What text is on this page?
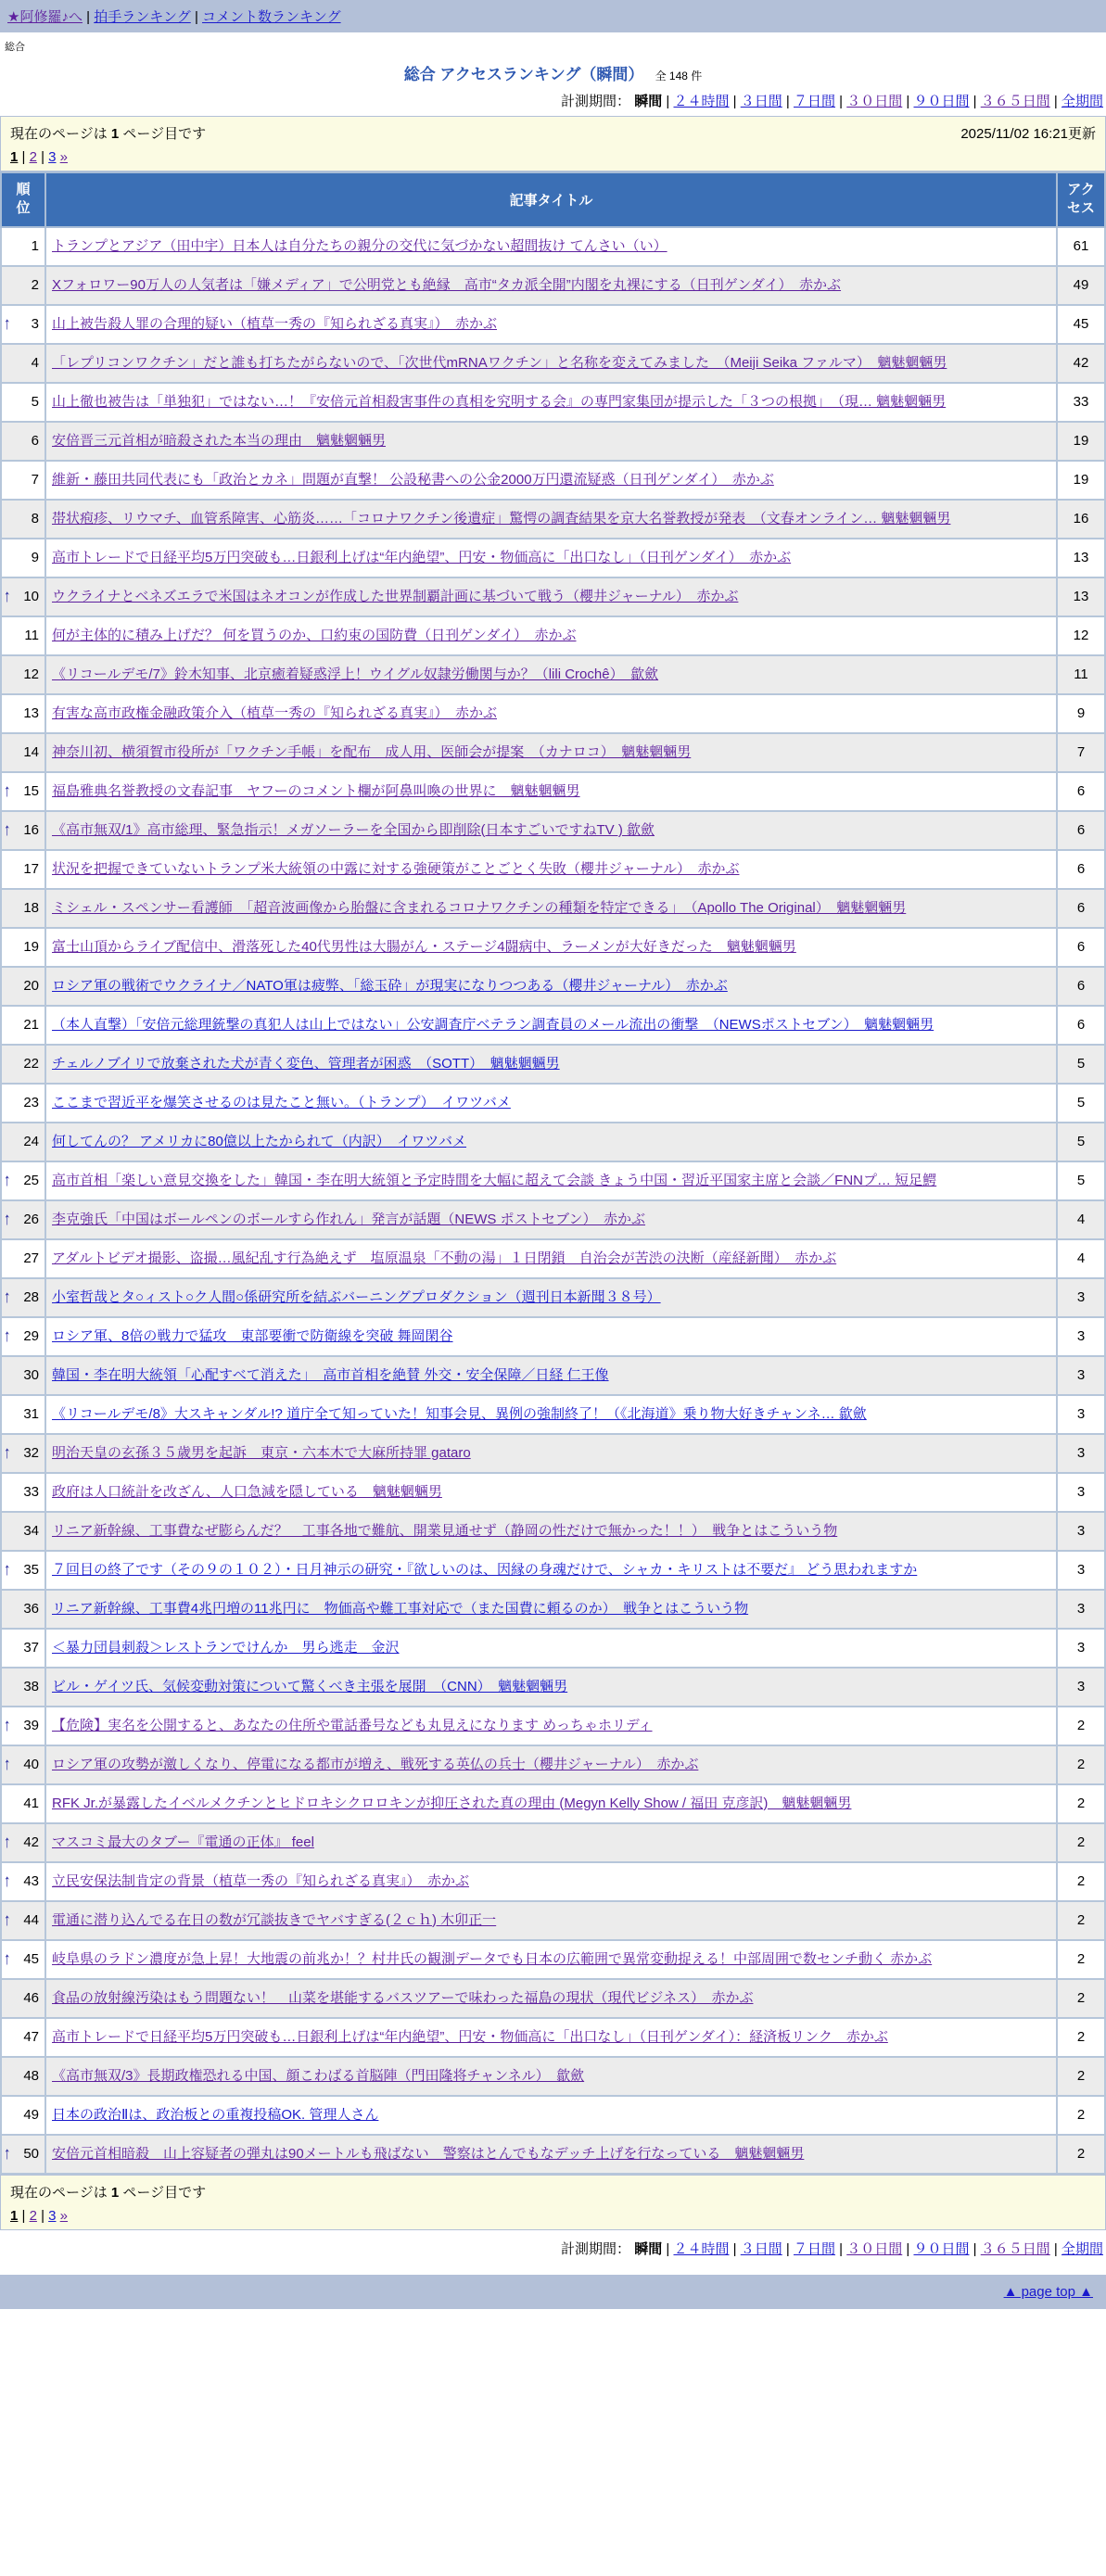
★阿修羅♪へ | 拍手ランキング | コメント数ランキング
総合
総合 アクセスランキング（瞬間） 全 148 件
計測期間： 瞬間 | ２４時間 | ３日間 | ７日間 | ３０日間 | ９０日間 | ３６５日間 | 全期間
2025/11/02 16:21更新
現在のページは 1 ページ目です
1 | 2 | 3 »
順位	記事タイトル	アクセス
1	トランプとアジア（田中宇）日本人は自分たちの親分の交代に気づかない超間抜け てんさい（い）	61
2	Xフォロワー90万人の人気者は「嫌メディア」で公明党とも絶縁　高市“タカ派全開”内閣を丸裸にする（日刊ゲンダイ）　赤かぶ	49

↑ 3	山上被告殺人罪の合理的疑い（植草一秀の『知られざる真実』）　赤かぶ	45
4	「レプリコンワクチン」だと誰も打ちたがらないので、「次世代mRNAワクチン」と名称を変えてみました　（Meiji Seika ファルマ）　魑魅魍魎男	42
5	山上徹也被告は「単独犯」ではない…！『安倍元首相殺害事件の真相を究明する会』の専門家集団が提示した「３つの根拠」　（現… 魑魅魍魎男	33
6	安倍晋三元首相が暗殺された本当の理由　魑魅魍魎男	19
7	維新・藤田共同代表にも「政治とカネ」問題が直撃！ 公設秘書への公金2000万円還流疑惑（日刊ゲンダイ）　赤かぶ	19
8	帯状疱疹、リウマチ、血管系障害、心筋炎……「コロナワクチン後遺症」驚愕の調査結果を京大名誉教授が発表　（文春オンライン… 魑魅魍魎男	16
9	高市トレードで日経平均5万円突破も…日銀利上げは“年内絶望”、円安・物価高に「出口なし」（日刊ゲンダイ）　赤かぶ	13

↑ 10	ウクライナとベネズエラで米国はネオコンが作成した世界制覇計画に基づいて戦う（櫻井ジャーナル）　赤かぶ	13
11	何が主体的に積み上げだ？ 何を買うのか、口約束の国防費（日刊ゲンダイ）　赤かぶ	12
12	《リコールデモ/7》鈴木知事、北京癒着疑惑浮上！ウイグル奴隷労働関与か？（lili Crochê）　歙歛	11
13	有害な高市政権金融政策介入（植草一秀の『知られざる真実』）　赤かぶ	9
14	神奈川初、横須賀市役所が「ワクチン手帳」を配布　成人用、医師会が提案　（カナロコ）　魑魅魍魎男	7

↑ 15	福島雅典名誉教授の文春記事　ヤフーのコメント欄が阿鼻叫喚の世界に　魑魅魍魎男	6

↑ 16	《高市無双/1》高市総理、緊急指示！メガソーラーを全国から即削除(日本すごいですねTV ) 歙歛	6
17	状況を把握できていないトランプ米大統領の中露に対する強硬策がことごとく失敗（櫻井ジャーナル）　赤かぶ	6
18	ミシェル・スペンサー看護師　「超音波画像から胎盤に含まれるコロナワクチンの種類を特定できる」　（Apollo The Original）　魑魅魍魎男	6
19	富士山頂からライブ配信中、滑落死した40代男性は大腸がん・ステージ4闘病中、ラーメンが大好きだった　魑魅魍魎男	6
20	ロシア軍の戦術でウクライナ／NATO軍は疲弊、「総玉砕」が現実になりつつある（櫻井ジャーナル）　赤かぶ	6
21	（本人直撃）「安倍元総理銃撃の真犯人は山上ではない」公安調査庁ベテラン調査員のメール流出の衝撃　（NEWSポストセブン）　魑魅魍魎男	6
22	チェルノブイリで放棄された犬が青く変色、管理者が困惑　（SOTT）　魑魅魍魎男	5
23	ここまで習近平を爆笑させるのは見たこと無い。（トランプ）　イワツバメ	5
24	何してんの？ アメリカに80億以上たかられて（内訳）　イワツバメ	5

↑ 25	高市首相「楽しい意見交換をした」韓国・李在明大統領と予定時間を大幅に超えて会談 きょう中国・習近平国家主席と会談／FNNプ… 短足鰐	5

↑ 26	李克強氏「中国はボールペンのボールすら作れん」発言が話題（NEWS ポストセブン）　赤かぶ	4
27	アダルトビデオ撮影、盗撮…風紀乱す行為絶えず　塩原温泉「不動の湯」１日閉鎖　自治会が苦渋の決断（産経新聞）　赤かぶ	4

↑ 28	小室哲哉とタ○ィスト○ク人間○係研究所を結ぶバーニングプロダクション（週刊日本新聞３８号）	3

↑ 29	ロシア軍、8倍の戦力で猛攻　東部要衝で防衛線を突破 舞岡閑谷	3
30	韓国・李在明大統領「心配すべて消えた」　高市首相を絶賛 外交・安全保障／日経 仁王像	3
31	《リコールデモ/8》大スキャンダル!? 道庁全て知っていた！知事会見、異例の強制終了！（《北海道》乗り物大好きチャンネ… 歙歛	3

↑ 32	明治天皇の玄孫３５歳男を起訴　東京・六本木で大麻所持罪 gataro	3
33	政府は人口統計を改ざん、人口急減を隠している　魑魅魍魎男	3
34	リニア新幹線、工事費なぜ膨らんだ？　工事各地で難航、開業見通せず（静岡の性だけで無かった！！）　戦争とはこういう物	3

↑ 35	７回目の終了です（その９の１０２）・日月神示の研究・『欲しいのは、因縁の身魂だけで、シャカ・キリストは不要だ』 どう思われますか	3
36	リニア新幹線、工事費4兆円増の11兆円に　物価高や難工事対応で（また国費に頼るのか）　戦争とはこういう物	3
37	＜暴力団員刺殺＞レストランでけんか　男ら逃走　金沢	3
38	ビル・ゲイツ氏、気候変動対策について驚くべき主張を展開　（CNN）　魑魅魍魎男	3

↑ 39	【危険】実名を公開すると、あなたの住所や電話番号なども丸見えになります めっちゃホリディ	2

↑ 40	ロシア軍の攻勢が激しくなり、停電になる都市が増え、戦死する英仏の兵士（櫻井ジャーナル）　赤かぶ	2
41	RFK Jr.が暴露したイベルメクチンとヒドロキシクロロキンが抑圧された真の理由 (Megyn Kelly Show / 福田 克彦訳)　魑魅魍魎男	2

↑ 42	マスコミ最大のタブー『電通の正体』 feel	2

↑ 43	立民安保法制肯定の背景（植草一秀の『知られざる真実』）　赤かぶ	2

↑ 44	電通に潜り込んでる在日の数が冗談抜きでヤバすぎる(２ｃｈ) 木卯正一	2

↑ 45	岐阜県のラドン濃度が急上昇！大地震の前兆か！？村井氏の観測データでも日本の広範囲で異常変動捉える！中部周囲で数センチ動く 赤かぶ	2
46	食品の放射線汚染はもう問題ない！　山菜を堪能するバスツアーで味わった福島の現状（現代ビジネス）　赤かぶ	2
47	高市トレードで日経平均5万円突破も…日銀利上げは“年内絶望”、円安・物価高に「出口なし」（日刊ゲンダイ）：経済板リンク　赤かぶ	2
48	《高市無双/3》長期政権恐れる中国、顔こわばる首脳陣（門田隆将チャンネル）　歙歛	2
49	日本の政治Ⅱは、政治板との重複投稿OK. 管理人さん	2

↑ 50	安倍元首相暗殺　山上容疑者の弾丸は90メートルも飛ばない　警察はとんでもなデッチ上げを行なっている　魑魅魍魎男	2
現在のページは 1 ページ目です
1 | 2 | 3 »
計測期間： 瞬間 | ２４時間 | ３日間 | ７日間 | ３０日間 | ９０日間 | ３６５日間 | 全期間
▲ page top ▲
